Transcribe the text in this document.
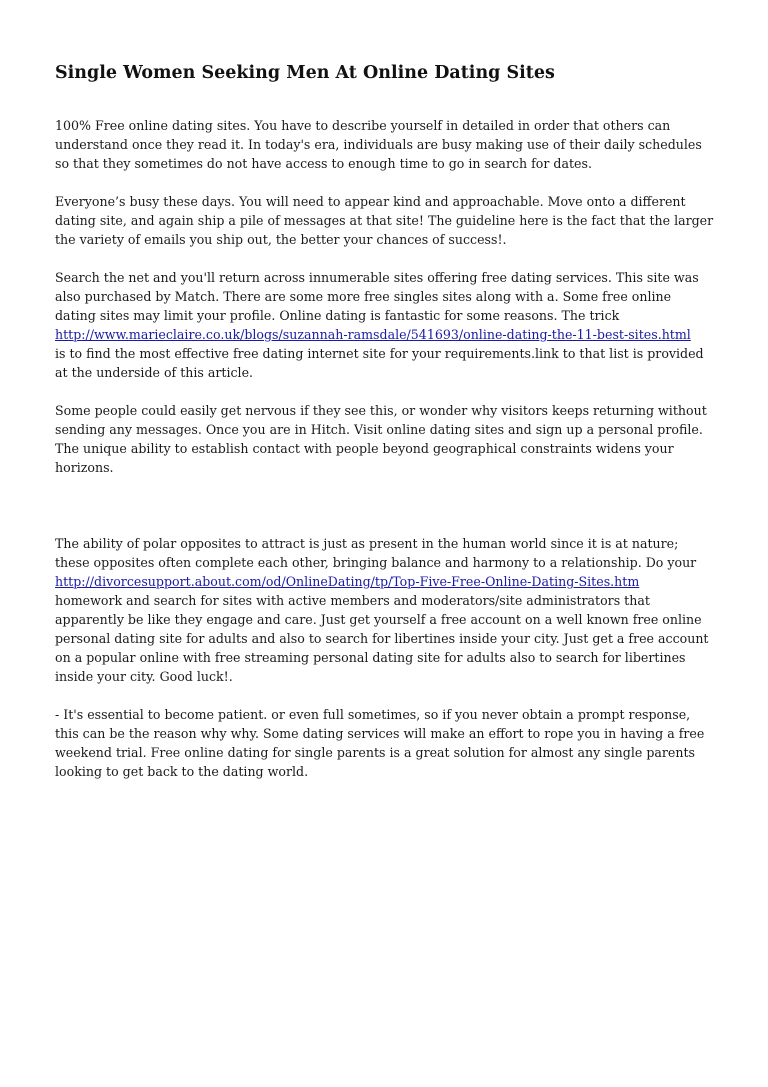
Single Women Seeking Men At Online Dating Sites

100% Free online dating sites. You have to describe yourself in detailed in order that others can understand once they read it. In today's era, individuals are busy making use of their daily schedules so that they sometimes do not have access to enough time to go in search for dates.

Everyone’s busy these days. You will need to appear kind and approachable. Move onto a different dating site, and again ship a pile of messages at that site! The guideline here is the fact that the larger the variety of emails you ship out, the better your chances of success!.

Search the net and you'll return across innumerable sites offering free dating services. This site was also purchased by Match. There are some more free singles sites along with a. Some free online dating sites may limit your profile. Online dating is fantastic for some reasons. The trick
http://www.marieclaire.co.uk/blogs/suzannah-ramsdale/541693/online-dating-the-11-best-sites.html
is to find the most effective free dating internet site for your requirements.link to that list is provided at the underside of this article.

Some people could easily get nervous if they see this, or wonder why visitors keeps returning without sending any messages. Once you are in Hitch. Visit online dating sites and sign up a personal profile. The unique ability to establish contact with people beyond geographical constraints widens your horizons.

The ability of polar opposites to attract is just as present in the human world since it is at nature; these opposites often complete each other, bringing balance and harmony to a relationship. Do your
http://divorcesupport.about.com/od/OnlineDating/tp/Top-Five-Free-Online-Dating-Sites.htm
homework and search for sites with active members and moderators/site administrators that apparently be like they engage and care. Just get yourself a free account on a well known free online personal dating site for adults and also to search for libertines inside your city. Just get a free account on a popular online with free streaming personal dating site for adults also to search for libertines inside your city. Good luck!.

- It's essential to become patient. or even full sometimes, so if you never obtain a prompt response, this can be the reason why why. Some dating services will make an effort to rope you in having a free weekend trial. Free online dating for single parents is a great solution for almost any single parents looking to get back to the dating world.
